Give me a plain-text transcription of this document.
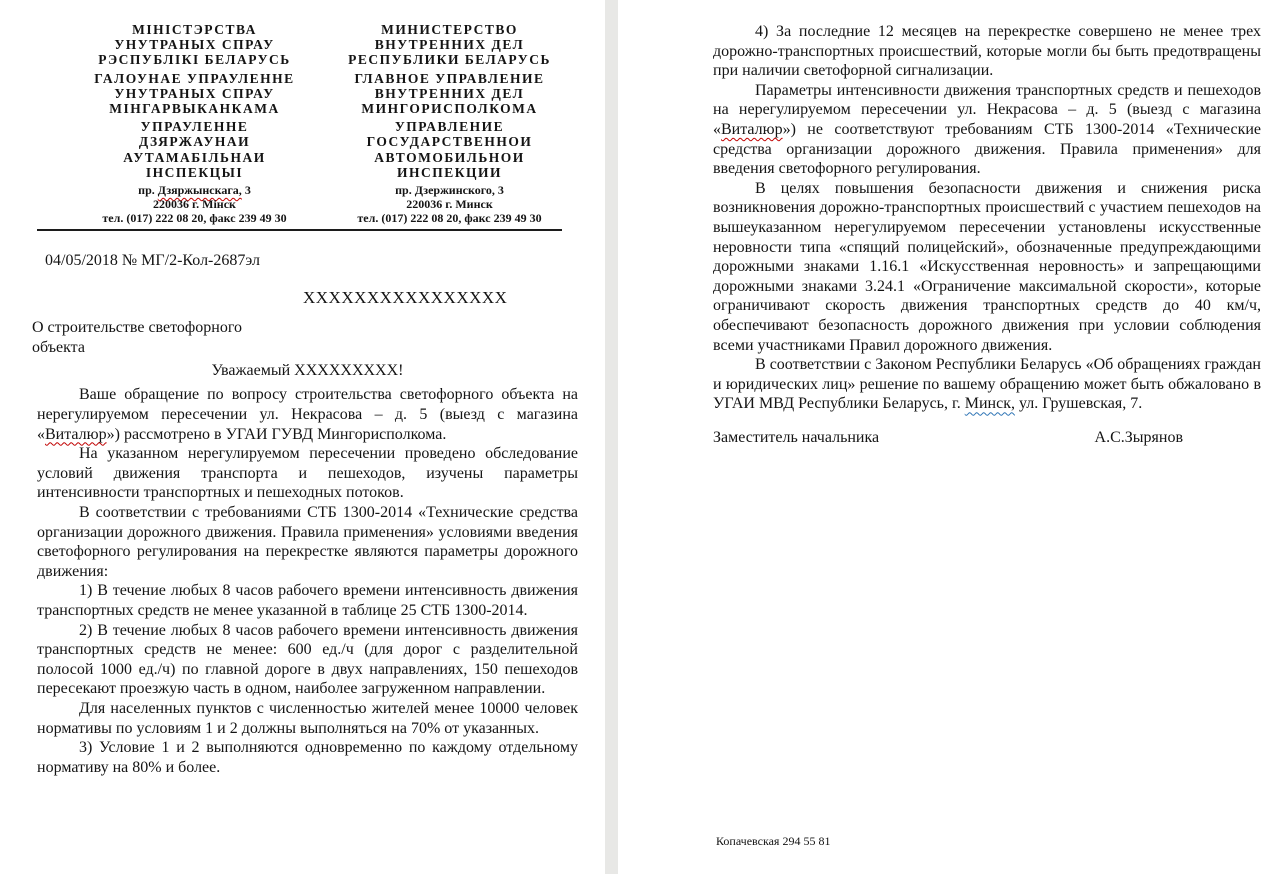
МІНІСТЭРСТВА
УНУТРАНЫХ СПРАУ
РЭСПУБЛІКІ БЕЛАРУСЬ
ГАЛОУНАЕ УПРАУЛЕННЕ
УНУТРАНЫХ СПРАУ
МІНГАРВЫКАНКАМА
УПРАУЛЕННЕ
ДЗЯРЖАУНАИ
АУТАМАБІЛЬНАИ
ІНСПЕКЦЫІ
пр. Дзяржынскага, 3
220036 г. Мінск
тел. (017) 222 08 20, факс 239 49 30
МИНИСТЕРСТВО
ВНУТРЕННИХ ДЕЛ
РЕСПУБЛИКИ БЕЛАРУСЬ
ГЛАВНОЕ УПРАВЛЕНИЕ
ВНУТРЕННИХ ДЕЛ
МИНГОРИСПОЛКОМА
УПРАВЛЕНИЕ
ГОСУДАРСТВЕННОИ
АВТОМОБИЛЬНОИ
ИНСПЕКЦИИ
пр. Дзержинского, 3
220036 г. Минск
тел. (017) 222 08 20, факс 239 49 30
04/05/2018 № МГ/2-Кол-2687эл
ХХХХХХХХХХХХХХХХ
О строительстве светофорного
объекта
Уважаемый ХХХХХХХХХ!

Ваше обращение по вопросу строительства светофорного объекта на нерегулируемом пересечении ул. Некрасова – д. 5 (выезд с магазина «Виталюр») рассмотрено в УГАИ ГУВД Мингорисполкома.

На указанном нерегулируемом пересечении проведено обследование условий движения транспорта и пешеходов, изучены параметры интенсивности транспортных и пешеходных потоков.

В соответствии с требованиями СТБ 1300-2014 «Технические средства организации дорожного движения. Правила применения» условиями введения светофорного регулирования на перекрестке являются параметры дорожного движения:

1) В течение любых 8 часов рабочего времени интенсивность движения транспортных средств не менее указанной в таблице 25 СТБ 1300-2014.

2) В течение любых 8 часов рабочего времени интенсивность движения транспортных средств не менее: 600 ед./ч (для дорог с разделительной полосой 1000 ед./ч) по главной дороге в двух направлениях, 150 пешеходов пересекают проезжую часть в одном, наиболее загруженном направлении.

Для населенных пунктов с численностью жителей менее 10000 человек нормативы по условиям 1 и 2 должны выполняться на 70% от указанных.

3) Условие 1 и 2 выполняются одновременно по каждому отдельному нормативу на 80% и более.

4) За последние 12 месяцев на перекрестке совершено не менее трех дорожно-транспортных происшествий, которые могли бы быть предотвращены при наличии светофорной сигнализации.

Параметры интенсивности движения транспортных средств и пешеходов на нерегулируемом пересечении ул. Некрасова – д. 5 (выезд с магазина «Виталюр») не соответствуют требованиям СТБ 1300-2014 «Технические средства организации дорожного движения. Правила применения» для введения светофорного регулирования.

В целях повышения безопасности движения и снижения риска возникновения дорожно-транспортных происшествий с участием пешеходов на вышеуказанном нерегулируемом пересечении установлены искусственные неровности типа «спящий полицейский», обозначенные предупреждающими дорожными знаками 1.16.1 «Искусственная неровность» и запрещающими дорожными знаками 3.24.1 «Ограничение максимальной скорости», которые ограничивают скорость движения транспортных средств до 40 км/ч, обеспечивают безопасность дорожного движения при условии соблюдения всеми участниками Правил дорожного движения.

В соответствии с Законом Республики Беларусь «Об обращениях граждан и юридических лиц» решение по вашему обращению может быть обжаловано в УГАИ МВД Республики Беларусь, г. Минск, ул. Грушевская, 7.

Заместитель начальника	А.С.Зырянов
Копачевская 294 55 81
